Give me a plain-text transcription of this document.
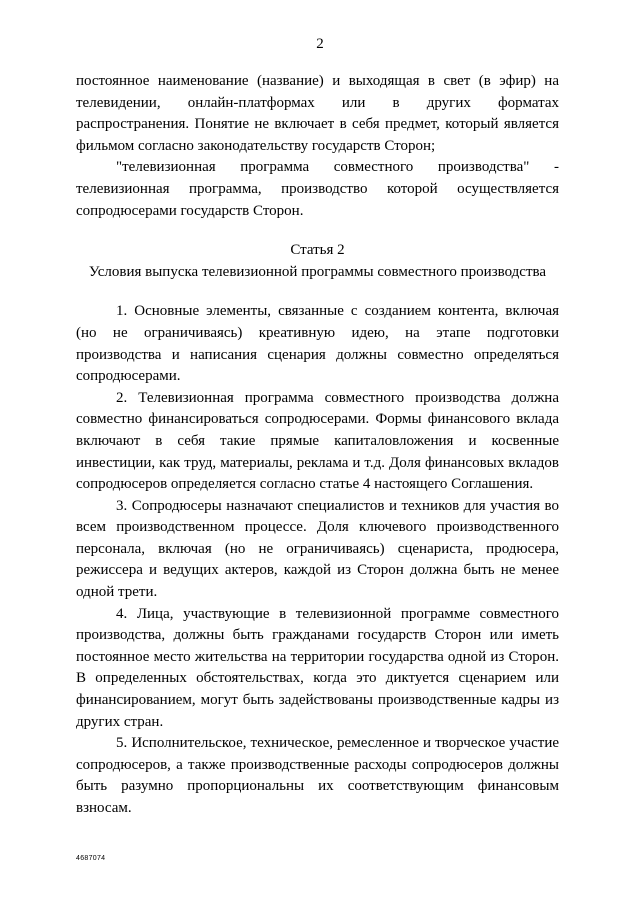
2

постоянное наименование (название) и выходящая в свет (в эфир) на телевидении, онлайн-платформах или в других форматах распространения. Понятие не включает в себя предмет, который является фильмом согласно законодательству государств Сторон;

"телевизионная программа совместного производства" - телевизионная программа, производство которой осуществляется сопродюсерами государств Сторон.

Статья 2

Условия выпуска телевизионной программы совместного производства

1. Основные элементы, связанные с созданием контента, включая (но не ограничиваясь) креативную идею, на этапе подготовки производства и написания сценария должны совместно определяться сопродюсерами.

2. Телевизионная программа совместного производства должна совместно финансироваться сопродюсерами. Формы финансового вклада включают в себя такие прямые капиталовложения и косвенные инвестиции, как труд, материалы, реклама и т.д. Доля финансовых вкладов сопродюсеров определяется согласно статье 4 настоящего Соглашения.

3. Сопродюсеры назначают специалистов и техников для участия во всем производственном процессе. Доля ключевого производственного персонала, включая (но не ограничиваясь) сценариста, продюсера, режиссера и ведущих актеров, каждой из Сторон должна быть не менее одной трети.

4. Лица, участвующие в телевизионной программе совместного производства, должны быть гражданами государств Сторон или иметь постоянное место жительства на территории государства одной из Сторон. В определенных обстоятельствах, когда это диктуется сценарием или финансированием, могут быть задействованы производственные кадры из других стран.

5. Исполнительское, техническое, ремесленное и творческое участие сопродюсеров, а также производственные расходы сопродюсеров должны быть разумно пропорциональны их соответствующим финансовым взносам.

4687074
